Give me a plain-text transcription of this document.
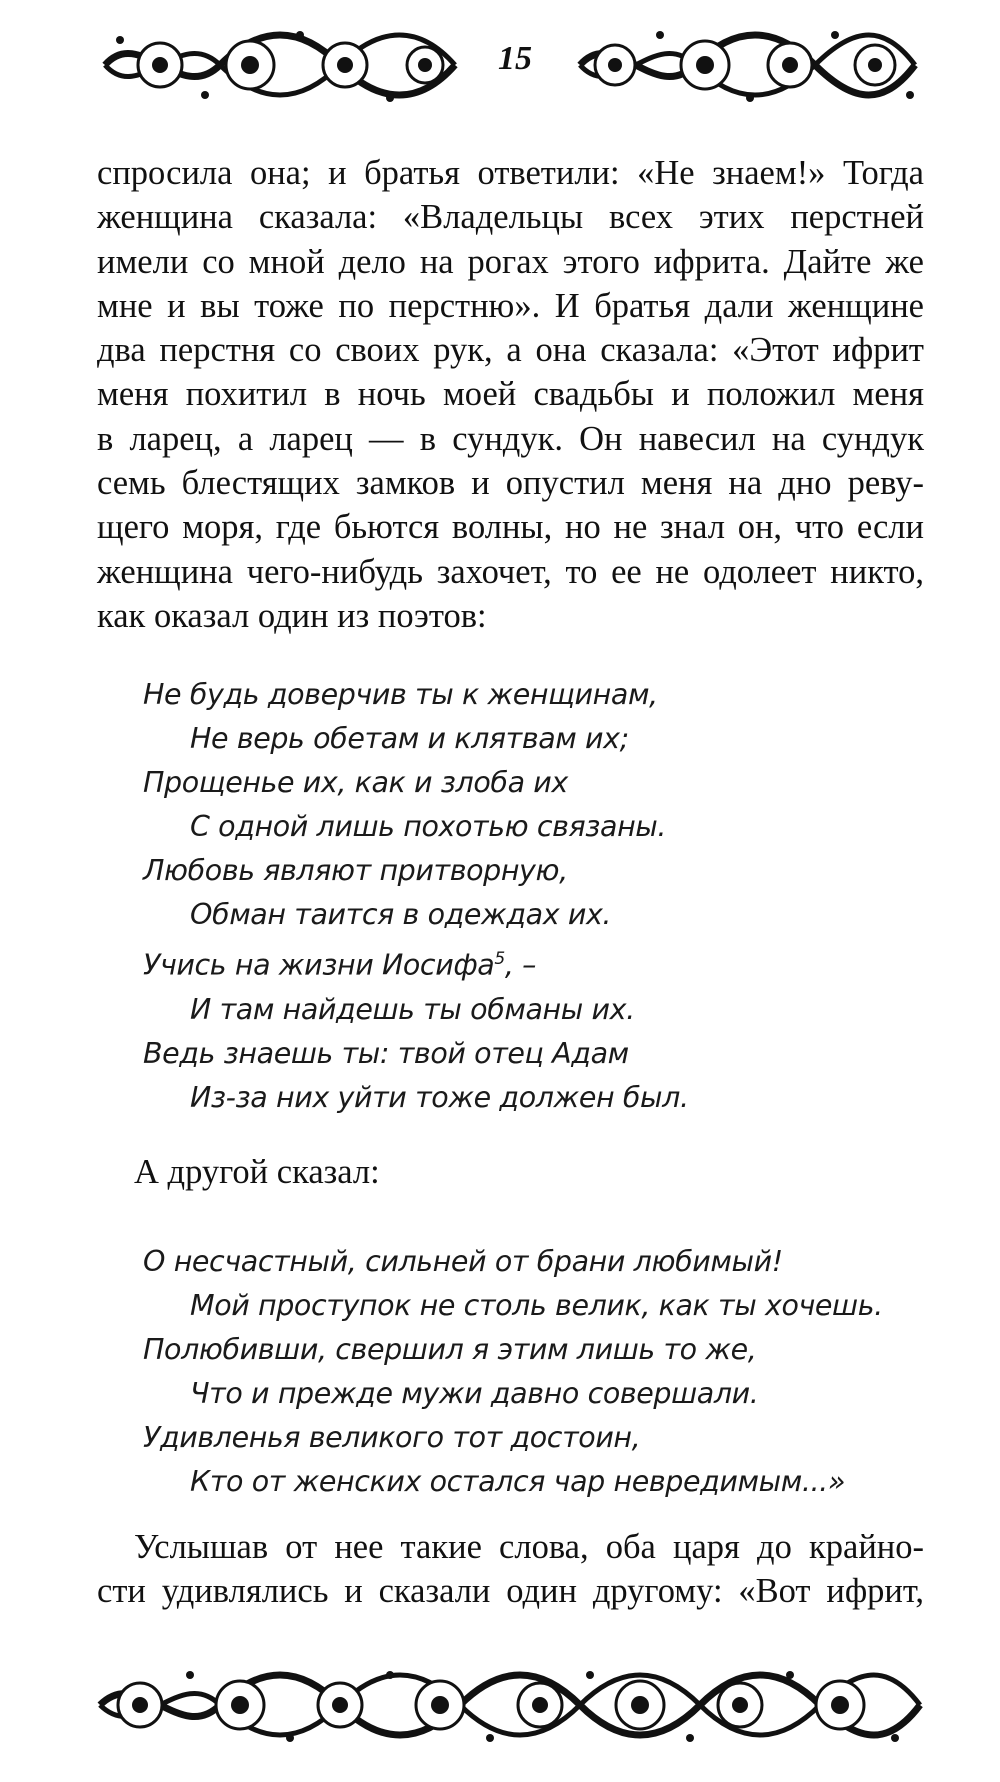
15
спросила она; и братья ответили: «Не знаем!» Тогда
женщина сказала: «Владельцы всех этих перстней
имели со мной дело на рогах этого ифрита. Дайте же
мне и вы тоже по перстню». И братья дали женщине
два перстня со своих рук, а она сказала: «Этот ифрит
меня похитил в ночь моей свадьбы и положил меня
в ларец, а ларец — в сундук. Он навесил на сундук
семь блестящих замков и опустил меня на дно реву-
щего моря, где бьются волны, но не знал он, что если
женщина чего-нибудь захочет, то ее не одолеет никто,
как оказал один из поэтов:
Не будь доверчив ты к женщинам,
Не верь обетам и клятвам их;
Прощенье их, как и злоба их
С одной лишь похотью связаны.
Любовь являют притворную,
Обман таится в одеждах их.
Учись на жизни Иосифа$^5$, –
И там найдешь ты обманы их.
Ведь знаешь ты: твой отец Адам
Из-за них уйти тоже должен был.
А другой сказал:
О несчастный, сильней от брани любимый!
Мой проступок не столь велик, как ты хочешь.
Полюбивши, свершил я этим лишь то же,
Что и прежде мужи давно совершали.
Удивленья великого тот достоин,
Кто от женских остался чар невредимым...»
Услышав от нее такие слова, оба царя до крайно-
сти удивлялись и сказали один другому: «Вот ифрит,
